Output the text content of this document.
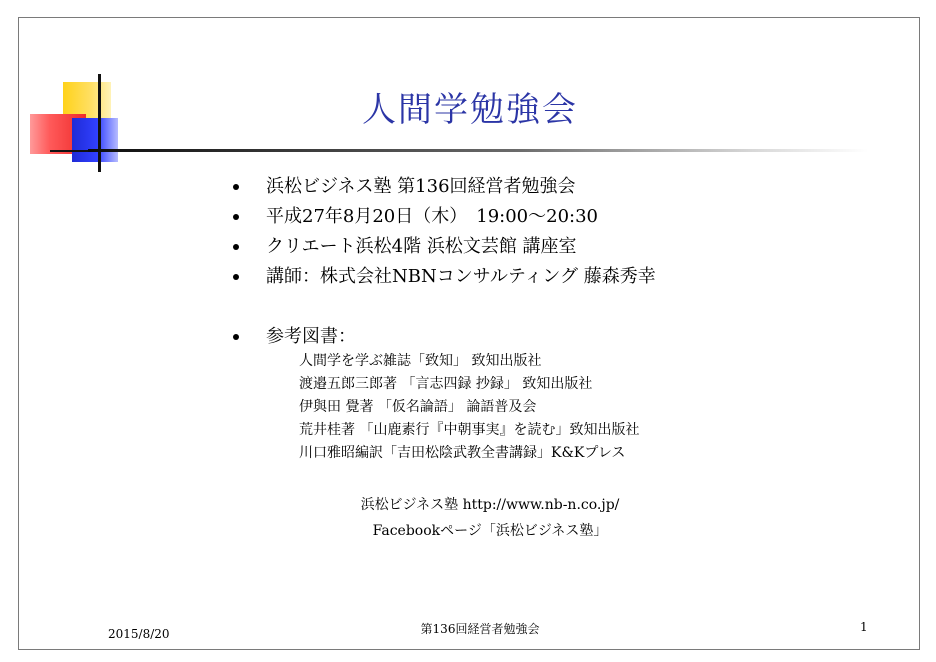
人間学勉強会
浜松ビジネス塾 第136回経営者勉強会
平成27年8月20日（木）　19:00～20:30
クリエート浜松4階 浜松文芸館 講座室
講師：株式会社NBNコンサルティング 藤森秀幸
参考図書：
人間学を学ぶ雑誌「致知」 致知出版社
渡邉五郎三郎著 「言志四録 抄録」 致知出版社
伊與田 覺著 「仮名論語」 論語普及会
荒井桂著 「山鹿素行『中朝事実』を読む」致知出版社
川口雅昭編訳「吉田松陰武教全書講録」K&Kプレス
浜松ビジネス塾 http://www.nb-n.co.jp/
Facebookページ「浜松ビジネス塾」
2015/8/20	第136回経営者勉強会	1
